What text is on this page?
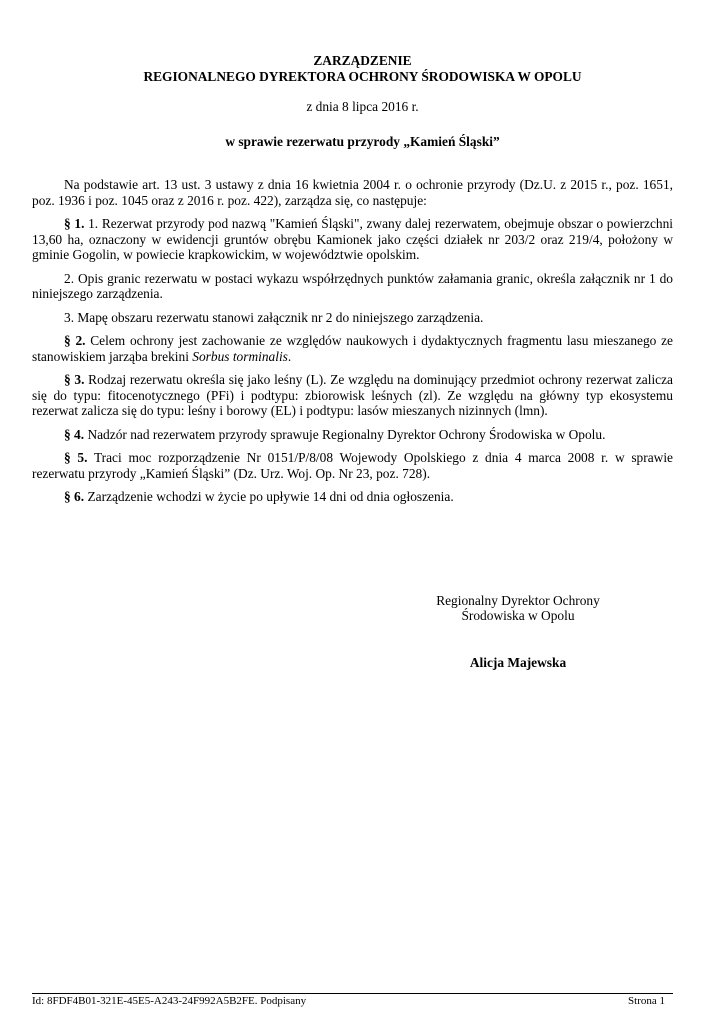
ZARZĄDZENIE
REGIONALNEGO DYREKTORA OCHRONY ŚRODOWISKA W OPOLU
z dnia 8 lipca 2016 r.
w sprawie rezerwatu przyrody „Kamień Śląski”

Na podstawie art. 13 ust. 3 ustawy z dnia 16 kwietnia 2004 r. o ochronie przyrody (Dz.U. z 2015 r., poz. 1651, poz. 1936 i poz. 1045 oraz z 2016 r. poz. 422), zarządza się, co następuje:

§ 1. 1. Rezerwat przyrody pod nazwą "Kamień Śląski", zwany dalej rezerwatem, obejmuje obszar o powierzchni 13,60 ha, oznaczony w ewidencji gruntów obrębu Kamionek jako części działek nr 203/2 oraz 219/4, położony w gminie Gogolin, w powiecie krapkowickim, w województwie opolskim.

2. Opis granic rezerwatu w postaci wykazu współrzędnych punktów załamania granic, określa załącznik nr 1 do niniejszego zarządzenia.

3. Mapę obszaru rezerwatu stanowi załącznik nr 2 do niniejszego zarządzenia.

§ 2. Celem ochrony jest zachowanie ze względów naukowych i dydaktycznych fragmentu lasu mieszanego ze stanowiskiem jarząba brekini Sorbus torminalis.

§ 3. Rodzaj rezerwatu określa się jako leśny (L). Ze względu na dominujący przedmiot ochrony rezerwat zalicza się do typu: fitocenotycznego (PFi) i podtypu: zbiorowisk leśnych (zl). Ze względu na główny typ ekosystemu rezerwat zalicza się do typu: leśny i borowy (EL) i podtypu: lasów mieszanych nizinnych (lmn).

§ 4. Nadzór nad rezerwatem przyrody sprawuje Regionalny Dyrektor Ochrony Środowiska w Opolu.

§ 5. Traci moc rozporządzenie Nr 0151/P/8/08 Wojewody Opolskiego z dnia 4 marca 2008 r. w sprawie rezerwatu przyrody „Kamień Śląski” (Dz. Urz. Woj. Op. Nr 23, poz. 728).

§ 6. Zarządzenie wchodzi w życie po upływie 14 dni od dnia ogłoszenia.

Regionalny Dyrektor Ochrony
Środowiska w Opolu
Alicja Majewska
Id: 8FDF4B01-321E-45E5-A243-24F992A5B2FE. Podpisany	Strona 1
